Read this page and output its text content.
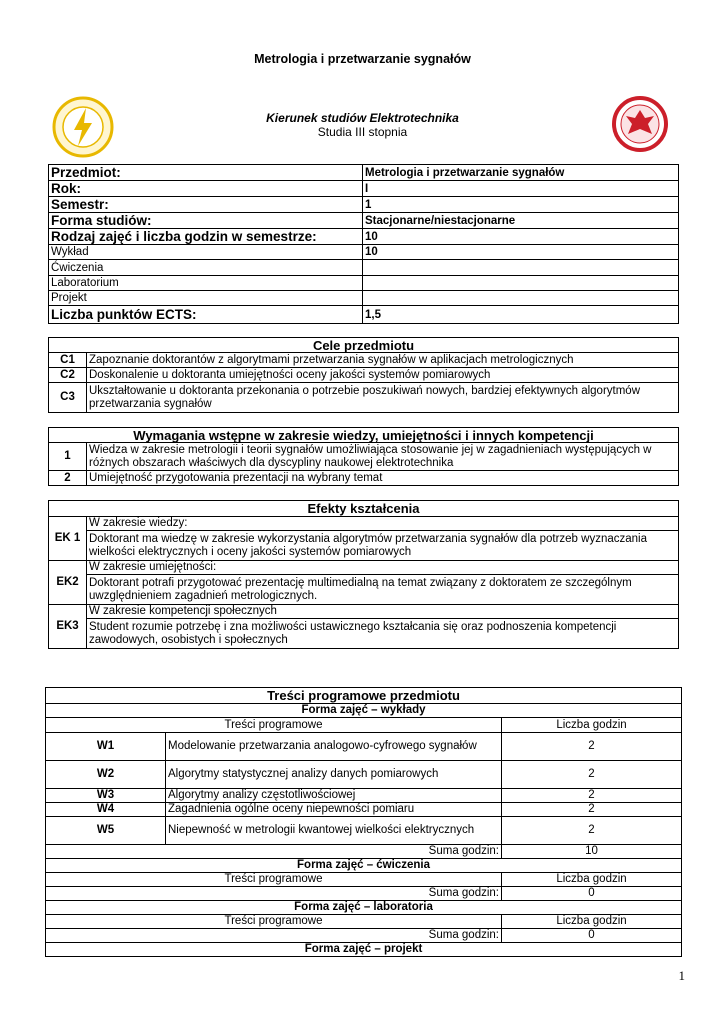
Metrologia i przetwarzanie sygnałów
Kierunek studiów Elektrotechnika
Studia III stopnia
Przedmiot:	Metrologia i przetwarzanie sygnałów
Rok:	I
Semestr:	1
Forma studiów:	Stacjonarne/niestacjonarne
Rodzaj zajęć i liczba godzin w semestrze:	10
Wykład	10
Ćwiczenia	
Laboratorium	
Projekt	
Liczba punktów ECTS:	1,5
Cele przedmiotu	
C1	Zapoznanie doktorantów z algorytmami przetwarzania sygnałów w aplikacjach metrologicznych
C2	Doskonalenie u doktoranta umiejętności oceny jakości systemów pomiarowych
C3	Ukształtowanie u doktoranta przekonania o potrzebie poszukiwań nowych, bardziej efektywnych algorytmów przetwarzania sygnałów
Wymagania wstępne w zakresie wiedzy, umiejętności i innych kompetencji	
1	Wiedza w zakresie metrologii i teorii sygnałów umożliwiająca stosowanie jej w zagadnieniach występujących w różnych obszarach właściwych dla dyscypliny naukowej elektrotechnika
2	Umiejętność przygotowania prezentacji na wybrany temat
Efekty kształcenia	
EK 1	W zakresie wiedzy:
	Doktorant ma wiedzę w zakresie wykorzystania algorytmów przetwarzania sygnałów dla potrzeb wyznaczania wielkości elektrycznych i oceny jakości systemów pomiarowych
EK2	W zakresie umiejętności:
	Doktorant potrafi przygotować prezentację multimedialną na temat związany z doktoratem ze szczególnym uwzględnieniem zagadnień metrologicznych.
EK3	W zakresie kompetencji społecznych
	Student rozumie potrzebę i zna możliwości ustawicznego kształcania się oraz podnoszenia kompetencji zawodowych, osobistych i społecznych
Treści programowe przedmiotu		
Forma zajęć – wykłady		
Treści programowe		Liczba godzin
W1	Modelowanie przetwarzania analogowo-cyfrowego sygnałów	2
W2	Algorytmy statystycznej analizy danych pomiarowych	2
W3	Algorytmy analizy częstotliwościowej	2
W4	Zagadnienia ogólne oceny niepewności pomiaru	2
W5	Niepewność w metrologii kwantowej wielkości elektrycznych	2
Suma godzin:		10
Forma zajęć – ćwiczenia		
Treści programowe		Liczba godzin
Suma godzin:		0
Forma zajęć – laboratoria		
Treści programowe		Liczba godzin
Suma godzin:		0
Forma zajęć – projekt		
1
